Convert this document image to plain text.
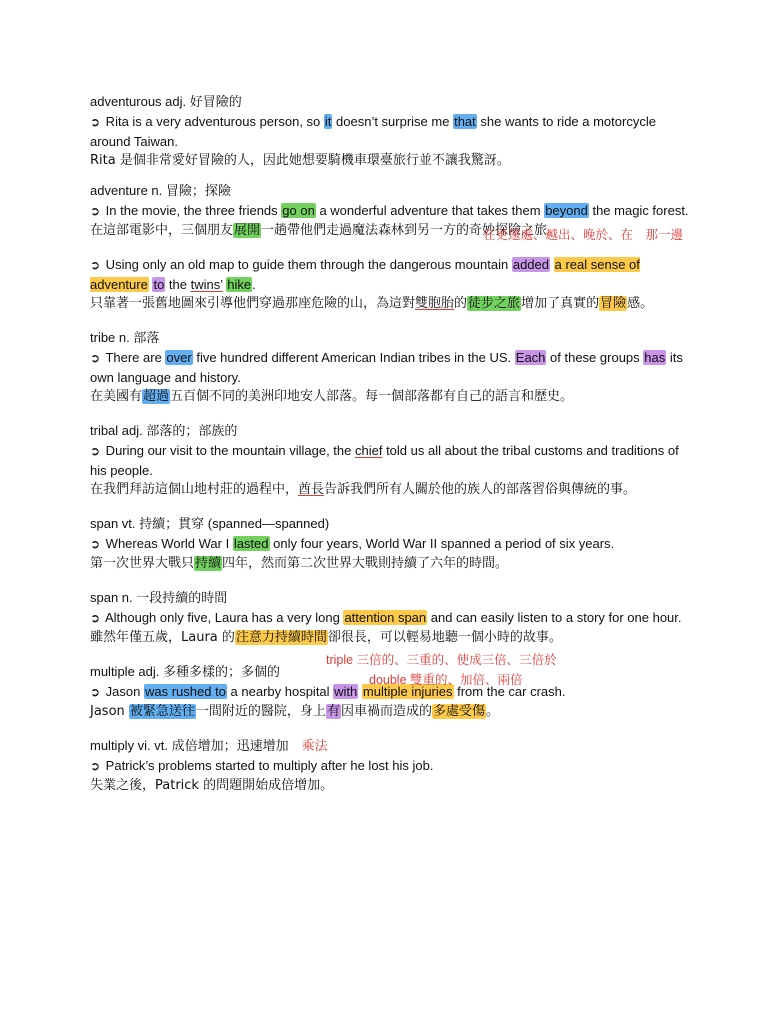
adventurous adj. 好冒險的
➲ Rita is a very adventurous person, so it doesn’t surprise me that she wants to ride a motorcycle around Taiwan.
Rita 是個非常愛好冒險的人，因此她想要騎機車環臺旅行並不讓我驚訝。
adventure n. 冒險；探險
➲ In the movie, the three friends go on a wonderful adventure that takes them beyond the magic forest.
在更遠處、越出、晚於、在　那一邊
在這部電影中，三個朋友展開一趟帶他們走過魔法森林到另一方的奇妙探險之旅。
➲ Using only an old map to guide them through the dangerous mountain added a real sense of adventure to the twins’ hike.
只靠著一張舊地圖來引導他們穿過那座危險的山，為這對雙胞胎的徒步之旅增加了真實的冒險感。
tribe n. 部落
➲ There are over five hundred different American Indian tribes in the US. Each of these groups has its own language and history.
在美國有超過五百個不同的美洲印地安人部落。每一個部落都有自己的語言和歷史。
tribal adj. 部落的；部族的
➲ During our visit to the mountain village, the chief told us all about the tribal customs and traditions of his people.
在我們拜訪這個山地村莊的過程中，酋長告訴我們所有人關於他的族人的部落習俗與傳統的事。
span vt. 持續；貫穿 (spanned—spanned)
➲ Whereas World War I lasted only four years, World War II spanned a period of six years.
第一次世界大戰只持續四年，然而第二次世界大戰則持續了六年的時間。
span n. 一段持續的時間
➲ Although only five, Laura has a very long attention span and can easily listen to a story for one hour.
雖然年僅五歲，Laura 的注意力持續時間卻很長，可以輕易地聽一個小時的故事。
triple 三倍的、三重的、使成三倍、三倍於
multiple adj. 多種多樣的；多個的
double 雙重的、加倍、兩倍
➲ Jason was rushed to a nearby hospital with multiple injuries from the car crash.
Jason 被緊急送往一間附近的醫院，身上有因車禍而造成的多處受傷。
multiply vi. vt. 成倍增加；迅速增加　 乘法
➲ Patrick’s problems started to multiply after he lost his job.
失業之後，Patrick 的問題開始成倍增加。
